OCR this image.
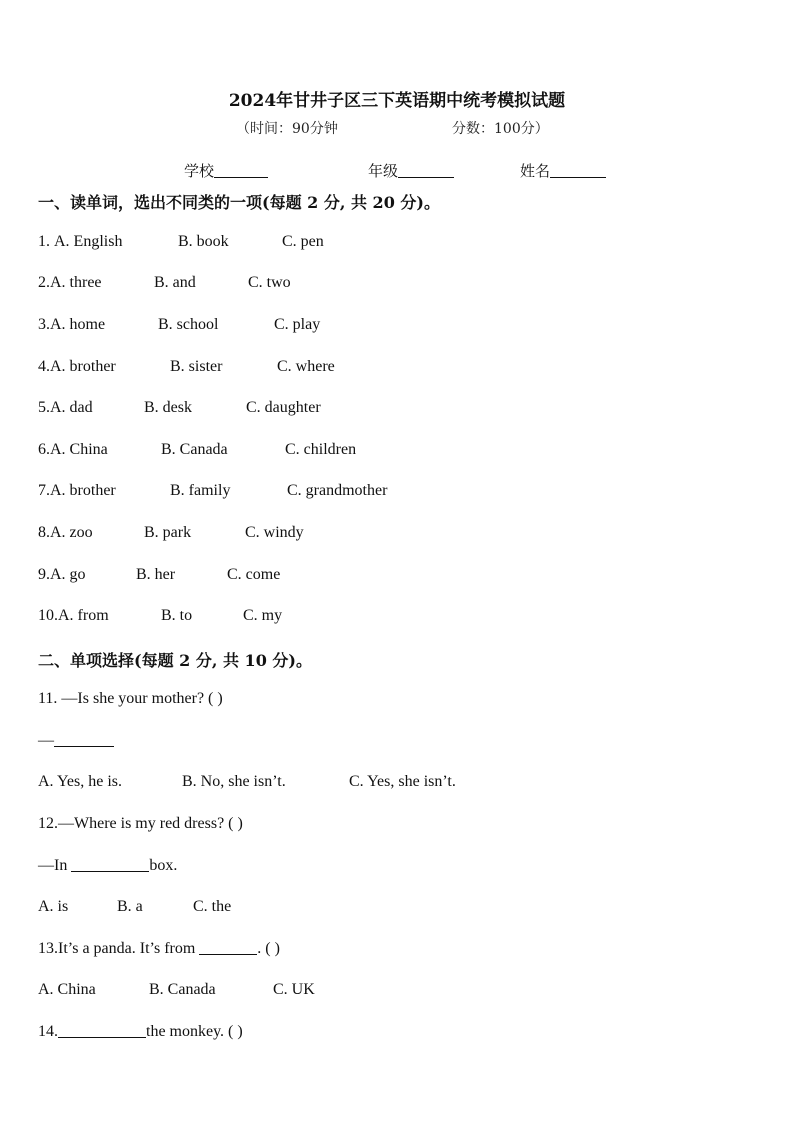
2024年甘井子区三下英语期中统考模拟试题
（时间：90分钟	分数：100分）
学校	年级	姓名
一、读单词，选出不同类的一项(每题 2 分, 共 20 分)。
1. A. English	B. book	C. pen
2.A. three	B. and	C. two
3.A. home	B. school	C. play
4.A. brother	B. sister	C. where
5.A. dad	B. desk	C. daughter
6.A. China	B. Canada	C. children
7.A. brother	B. family	C. grandmother
8.A. zoo	B. park	C. windy
9.A. go	B. her	C. come
10.A. from	B. to	C. my
二、单项选择(每题 2 分, 共 10 分)。
11. —Is she your mother? ( )
—
A. Yes, he is.	B. No, she isn’t.	C. Yes, she isn’t.
12.—Where is my red dress? ( )
—In	box.
A. is	B. a	C. the
13.It’s a panda. It’s from	. ( )
A. China	B. Canada	C. UK
14.	the monkey. ( )
